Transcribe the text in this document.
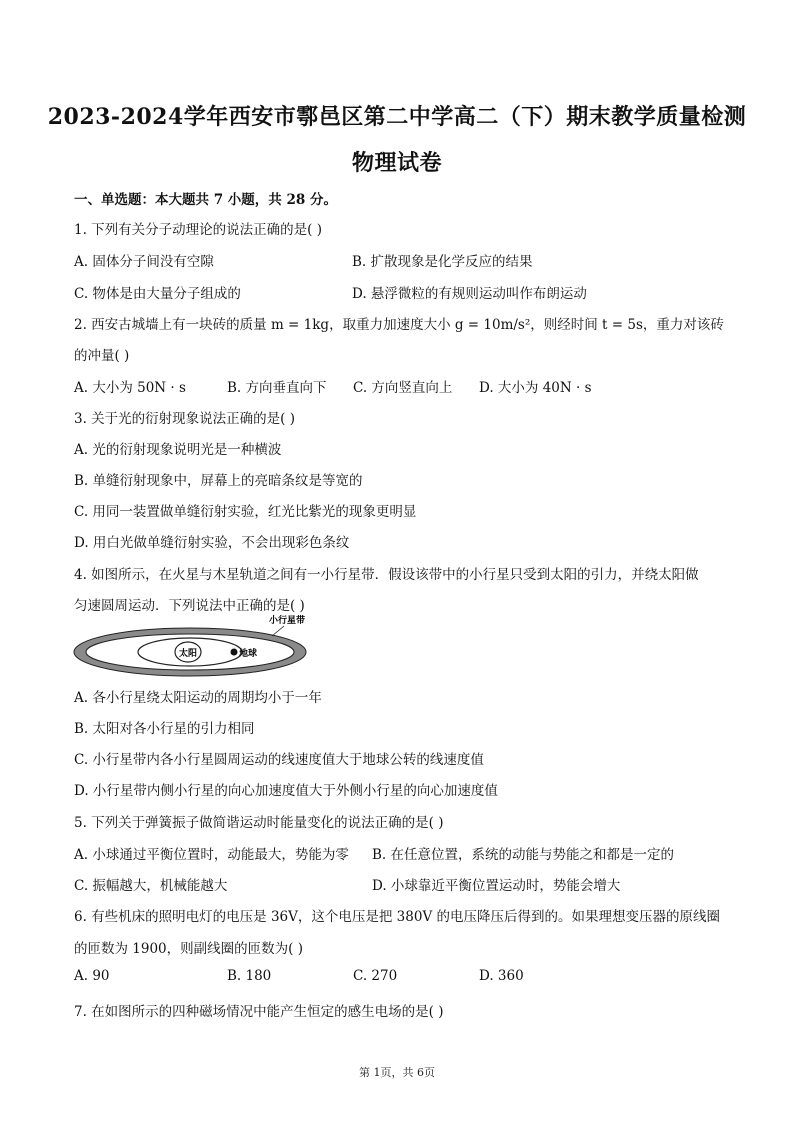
2023-2024学年西安市鄠邑区第二中学高二（下）期末教学质量检测
物理试卷
一、单选题：本大题共 7 小题，共 28 分。
1. 下列有关分子动理论的说法正确的是( )
A. 固体分子间没有空隙	B. 扩散现象是化学反应的结果
C. 物体是由大量分子组成的	D. 悬浮微粒的有规则运动叫作布朗运动
2. 西安古城墙上有一块砖的质量 m = 1kg，取重力加速度大小 g = 10m/s²，则经时间 t = 5s，重力对该砖
的冲量( )
A. 大小为 50N · s	B. 方向垂直向下 C. 方向竖直向上 D. 大小为 40N · s
3. 关于光的衍射现象说法正确的是( )
A. 光的衍射现象说明光是一种横波
B. 单缝衍射现象中，屏幕上的亮暗条纹是等宽的
C. 用同一装置做单缝衍射实验，红光比紫光的现象更明显
D. 用白光做单缝衍射实验，不会出现彩色条纹
4. 如图所示，在火星与木星轨道之间有一小行星带．假设该带中的小行星只受到太阳的引力，并绕太阳做
匀速圆周运动．下列说法中正确的是( )
太阳	地球
小行星带
A. 各小行星绕太阳运动的周期均小于一年
B. 太阳对各小行星的引力相同
C. 小行星带内各小行星圆周运动的线速度值大于地球公转的线速度值
D. 小行星带内侧小行星的向心加速度值大于外侧小行星的向心加速度值
5. 下列关于弹簧振子做简谐运动时能量变化的说法正确的是( )
A. 小球通过平衡位置时，动能最大，势能为零 B. 在任意位置，系统的动能与势能之和都是一定的
C. 振幅越大，机械能越大	D. 小球靠近平衡位置运动时，势能会增大
6. 有些机床的照明电灯的电压是 36V，这个电压是把 380V 的电压降压后得到的。如果理想变压器的原线圈
的匝数为 1900，则副线圈的匝数为( )
A. 90	B. 180	C. 270	D. 360
7. 在如图所示的四种磁场情况中能产生恒定的感生电场的是( )
第 1页，共 6页
